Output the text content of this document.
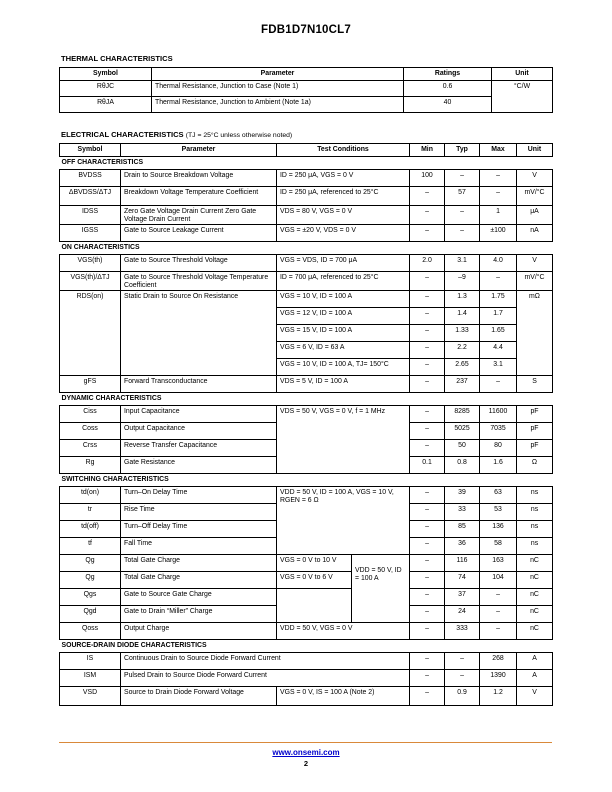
FDB1D7N10CL7
THERMAL CHARACTERISTICS
Symbol	Parameter	Ratings	Unit
RθJC	Thermal Resistance, Junction to Case (Note 1)	0.6	°C/W
RθJA	Thermal Resistance, Junction to Ambient (Note 1a)	40	
ELECTRICAL CHARACTERISTICS (TJ = 25°C unless otherwise noted)
Symbol	Parameter	Test Conditions		Min	Typ	Max	Unit
OFF CHARACTERISTICS							
BVDSS	Drain to Source Breakdown Voltage	ID = 250 μA, VGS = 0 V		100	–	–	V
ΔBVDSS/ΔTJ	Breakdown Voltage Temperature Coefficient	ID = 250 μA, referenced to 25°C		–	57	–	mV/°C
IDSS	Zero Gate Voltage Drain Current Zero Gate Voltage Drain Current	VDS = 80 V, VGS = 0 V		–	–	1	μA
IGSS	Gate to Source Leakage Current	VGS = ±20 V, VDS = 0 V		–	–	±100	nA
ON CHARACTERISTICS							
VGS(th)	Gate to Source Threshold Voltage	VGS = VDS, ID = 700 μA		2.0	3.1	4.0	V
VGS(th)/ΔTJ	Gate to Source Threshold Voltage Temperature Coefficient	ID = 700 μA, referenced to 25°C		–	–9	–	mV/°C
RDS(on)	Static Drain to Source On Resistance	VGS = 10 V, ID = 100 A		–	1.3	1.75	mΩ
		VGS = 12 V, ID = 100 A		–	1.4	1.7	
		VGS = 15 V, ID = 100 A		–	1.33	1.65	
		VGS = 6 V, ID = 63 A		–	2.2	4.4	
		VGS = 10 V, ID = 100 A, TJ= 150°C		–	2.65	3.1	
gFS	Forward Transconductance	VDS = 5 V, ID = 100 A		–	237	–	S
DYNAMIC CHARACTERISTICS							
Ciss	Input Capacitance	VDS = 50 V, VGS = 0 V, f = 1 MHz		–	8285	11600	pF
Coss	Output Capacitance			–	5025	7035	pF
Crss	Reverse Transfer Capacitance			–	50	80	pF
Rg	Gate Resistance			0.1	0.8	1.6	Ω
SWITCHING CHARACTERISTICS							
td(on)	Turn–On Delay Time	VDD = 50 V, ID = 100 A, VGS = 10 V, RGEN = 6 Ω		–	39	63	ns
tr	Rise Time			–	33	53	ns
td(off)	Turn–Off Delay Time			–	85	136	ns
tf	Fall Time			–	36	58	ns
Qg	Total Gate Charge	VGS = 0 V to 10 V	VDD = 50 V, ID = 100 A	–	116	163	nC
Qg	Total Gate Charge	VGS = 0 V to 6 V		–	74	104	nC
Qgs	Gate to Source Gate Charge			–	37	–	nC
Qgd	Gate to Drain “Miller” Charge			–	24	–	nC
Qoss	Output Charge	VDD = 50 V, VGS = 0 V		–	333	–	nC
SOURCE-DRAIN DIODE CHARACTERISTICS							
IS	Continuous Drain to Source Diode Forward Current			–	–	268	A
ISM	Pulsed Drain to Source Diode Forward Current			–	–	1390	A
VSD	Source to Drain Diode Forward Voltage	VGS = 0 V, IS = 100 A (Note 2)		–	0.9	1.2	V
www.onsemi.com
2
